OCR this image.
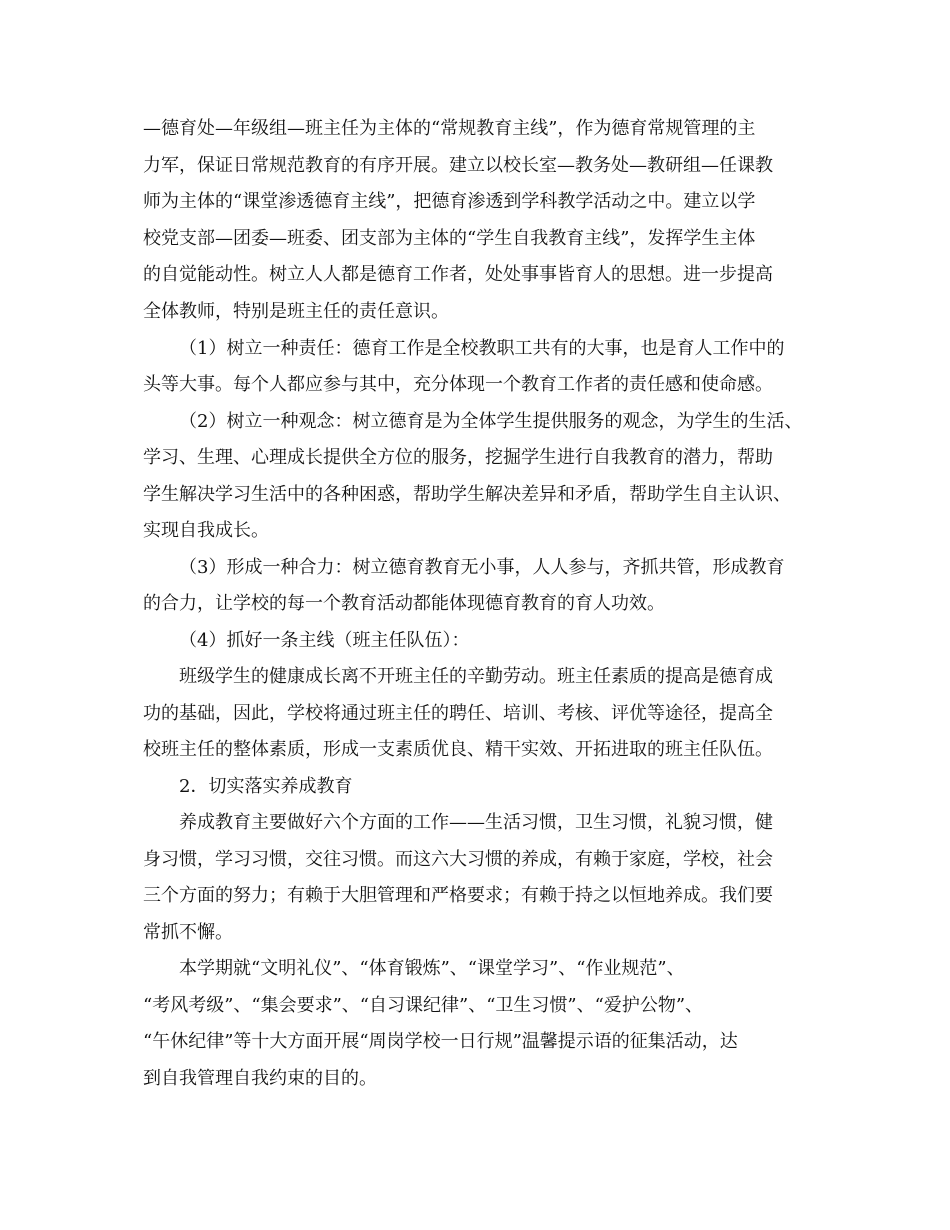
—德育处—年级组—班主任为主体的“常规教育主线”，作为德育常规管理的主
力军，保证日常规范教育的有序开展。建立以校长室—教务处—教研组—任课教
师为主体的“课堂渗透德育主线”，把德育渗透到学科教学活动之中。建立以学
校党支部—团委—班委、团支部为主体的“学生自我教育主线”，发挥学生主体
的自觉能动性。树立人人都是德育工作者，处处事事皆育人的思想。进一步提高
全体教师，特别是班主任的责任意识。
（1）树立一种责任：德育工作是全校教职工共有的大事，也是育人工作中的
头等大事。每个人都应参与其中，充分体现一个教育工作者的责任感和使命感。
（2）树立一种观念：树立德育是为全体学生提供服务的观念，为学生的生活、
学习、生理、心理成长提供全方位的服务，挖掘学生进行自我教育的潜力，帮助
学生解决学习生活中的各种困惑，帮助学生解决差异和矛盾，帮助学生自主认识、
实现自我成长。
（3）形成一种合力：树立德育教育无小事，人人参与，齐抓共管，形成教育
的合力，让学校的每一个教育活动都能体现德育教育的育人功效。
（4）抓好一条主线（班主任队伍）：
班级学生的健康成长离不开班主任的辛勤劳动。班主任素质的提高是德育成
功的基础，因此，学校将通过班主任的聘任、培训、考核、评优等途径，提高全
校班主任的整体素质，形成一支素质优良、精干实效、开拓进取的班主任队伍。
2．切实落实养成教育
养成教育主要做好六个方面的工作——生活习惯，卫生习惯，礼貌习惯，健
身习惯，学习习惯，交往习惯。而这六大习惯的养成，有赖于家庭，学校，社会
三个方面的努力；有赖于大胆管理和严格要求；有赖于持之以恒地养成。我们要
常抓不懈。
本学期就“文明礼仪”、“体育锻炼”、“课堂学习”、“作业规范”、
“考风考级”、“集会要求”、“自习课纪律”、“卫生习惯”、“爱护公物”、
“午休纪律”等十大方面开展“周岗学校一日行规”温馨提示语的征集活动，达
到自我管理自我约束的目的。
